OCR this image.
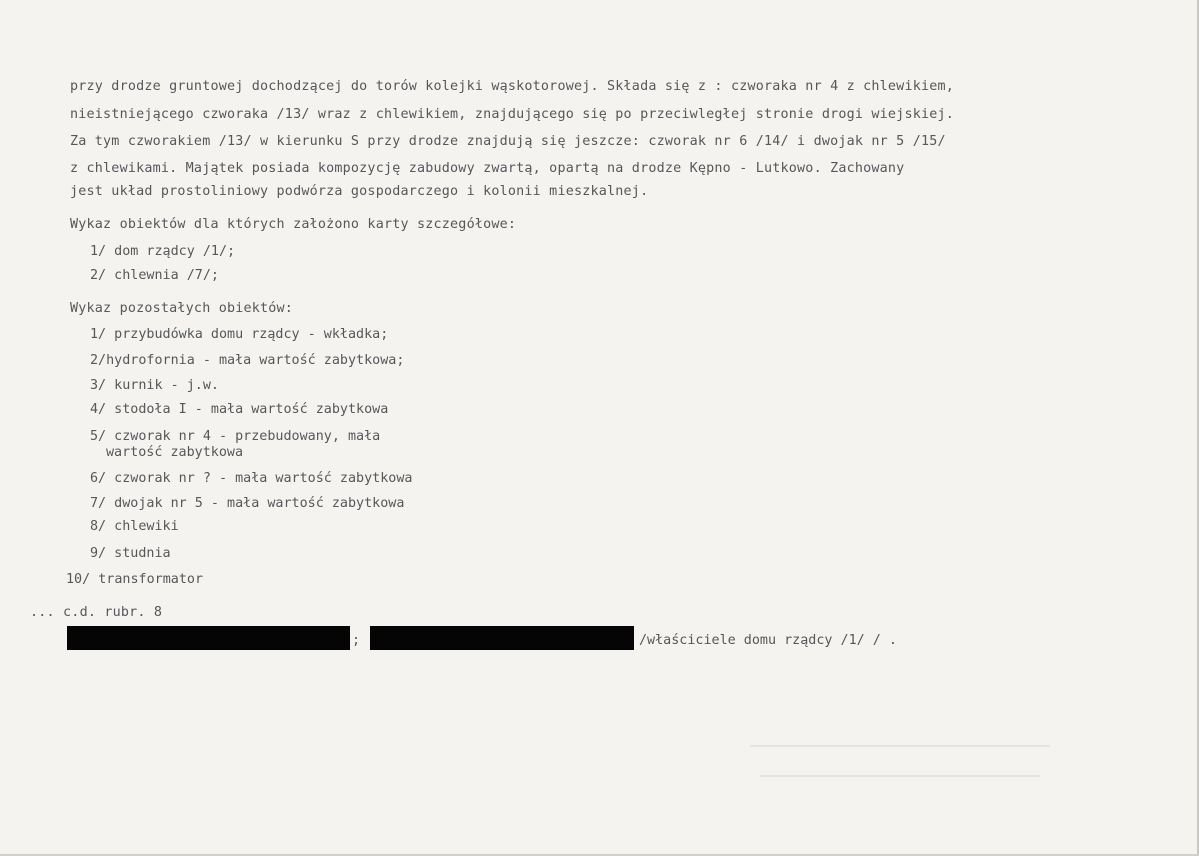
przy drodze gruntowej dochodzącej do torów kolejki wąskotorowej. Składa się z : czworaka nr 4 z chlewikiem,
nieistniejącego czworaka /13/ wraz z chlewikiem, znajdującego się po przeciwległej stronie drogi wiejskiej.
Za tym czworakiem /13/ w kierunku S przy drodze znajdują się jeszcze: czworak nr 6 /14/ i dwojak nr 5 /15/
z chlewikami. Majątek posiada kompozycję zabudowy zwartą, opartą na drodze Kępno - Lutkowo. Zachowany
jest układ prostoliniowy podwórza gospodarczego i kolonii mieszkalnej.
Wykaz obiektów dla których założono karty szczegółowe:
1/ dom rządcy /1/;
2/ chlewnia /7/;
Wykaz pozostałych obiektów:
1/ przybudówka domu rządcy - wkładka;
2/hydrofornia - mała wartość zabytkowa;
3/ kurnik - j.w.
4/ stodoła I - mała wartość zabytkowa
5/ czworak nr 4 - przebudowany, mała
wartość zabytkowa
6/ czworak nr ? - mała wartość zabytkowa
7/ dwojak nr 5 - mała wartość zabytkowa
8/ chlewiki
9/ studnia
10/ transformator
... c.d. rubr. 8
;	/właściciele domu rządcy /1/ / .
